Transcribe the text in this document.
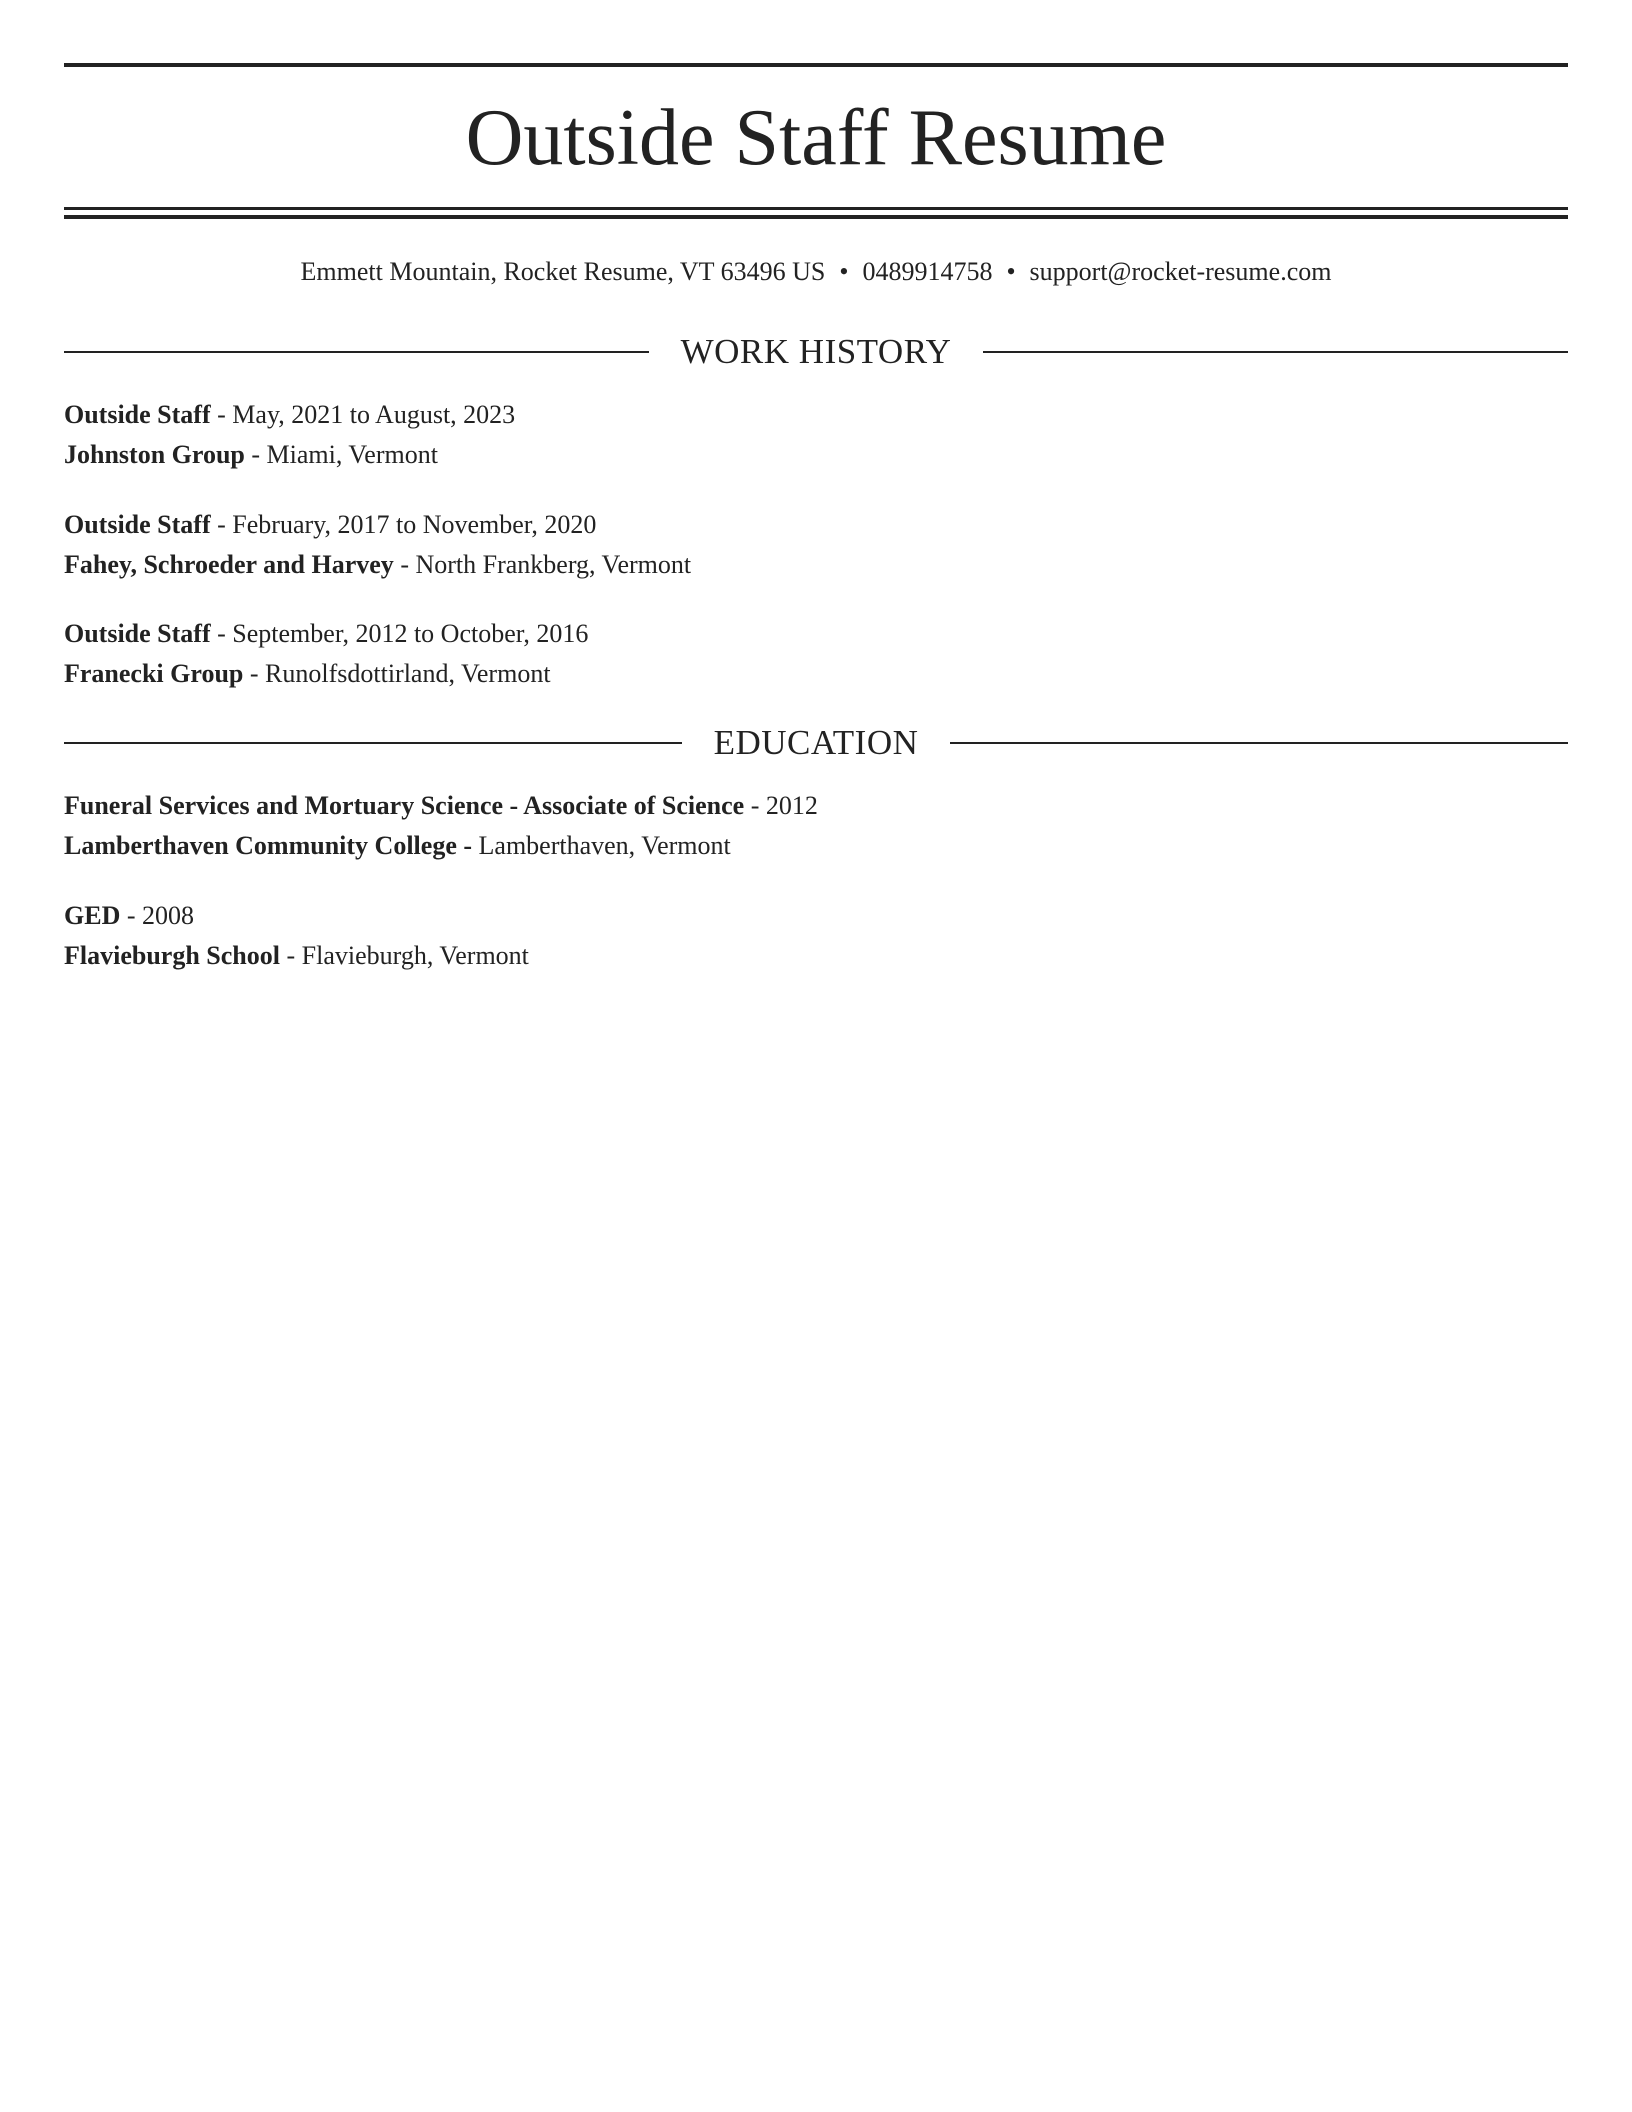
Outside Staff Resume
Emmett Mountain, Rocket Resume, VT 63496 US • 0489914758 • support@rocket-resume.com
WORK HISTORY
Outside Staff - May, 2021 to August, 2023
Johnston Group - Miami, Vermont
Outside Staff - February, 2017 to November, 2020
Fahey, Schroeder and Harvey - North Frankberg, Vermont
Outside Staff - September, 2012 to October, 2016
Franecki Group - Runolfsdottirland, Vermont
EDUCATION
Funeral Services and Mortuary Science - Associate of Science - 2012
Lamberthaven Community College - Lamberthaven, Vermont
GED - 2008
Flavieburgh School - Flavieburgh, Vermont
